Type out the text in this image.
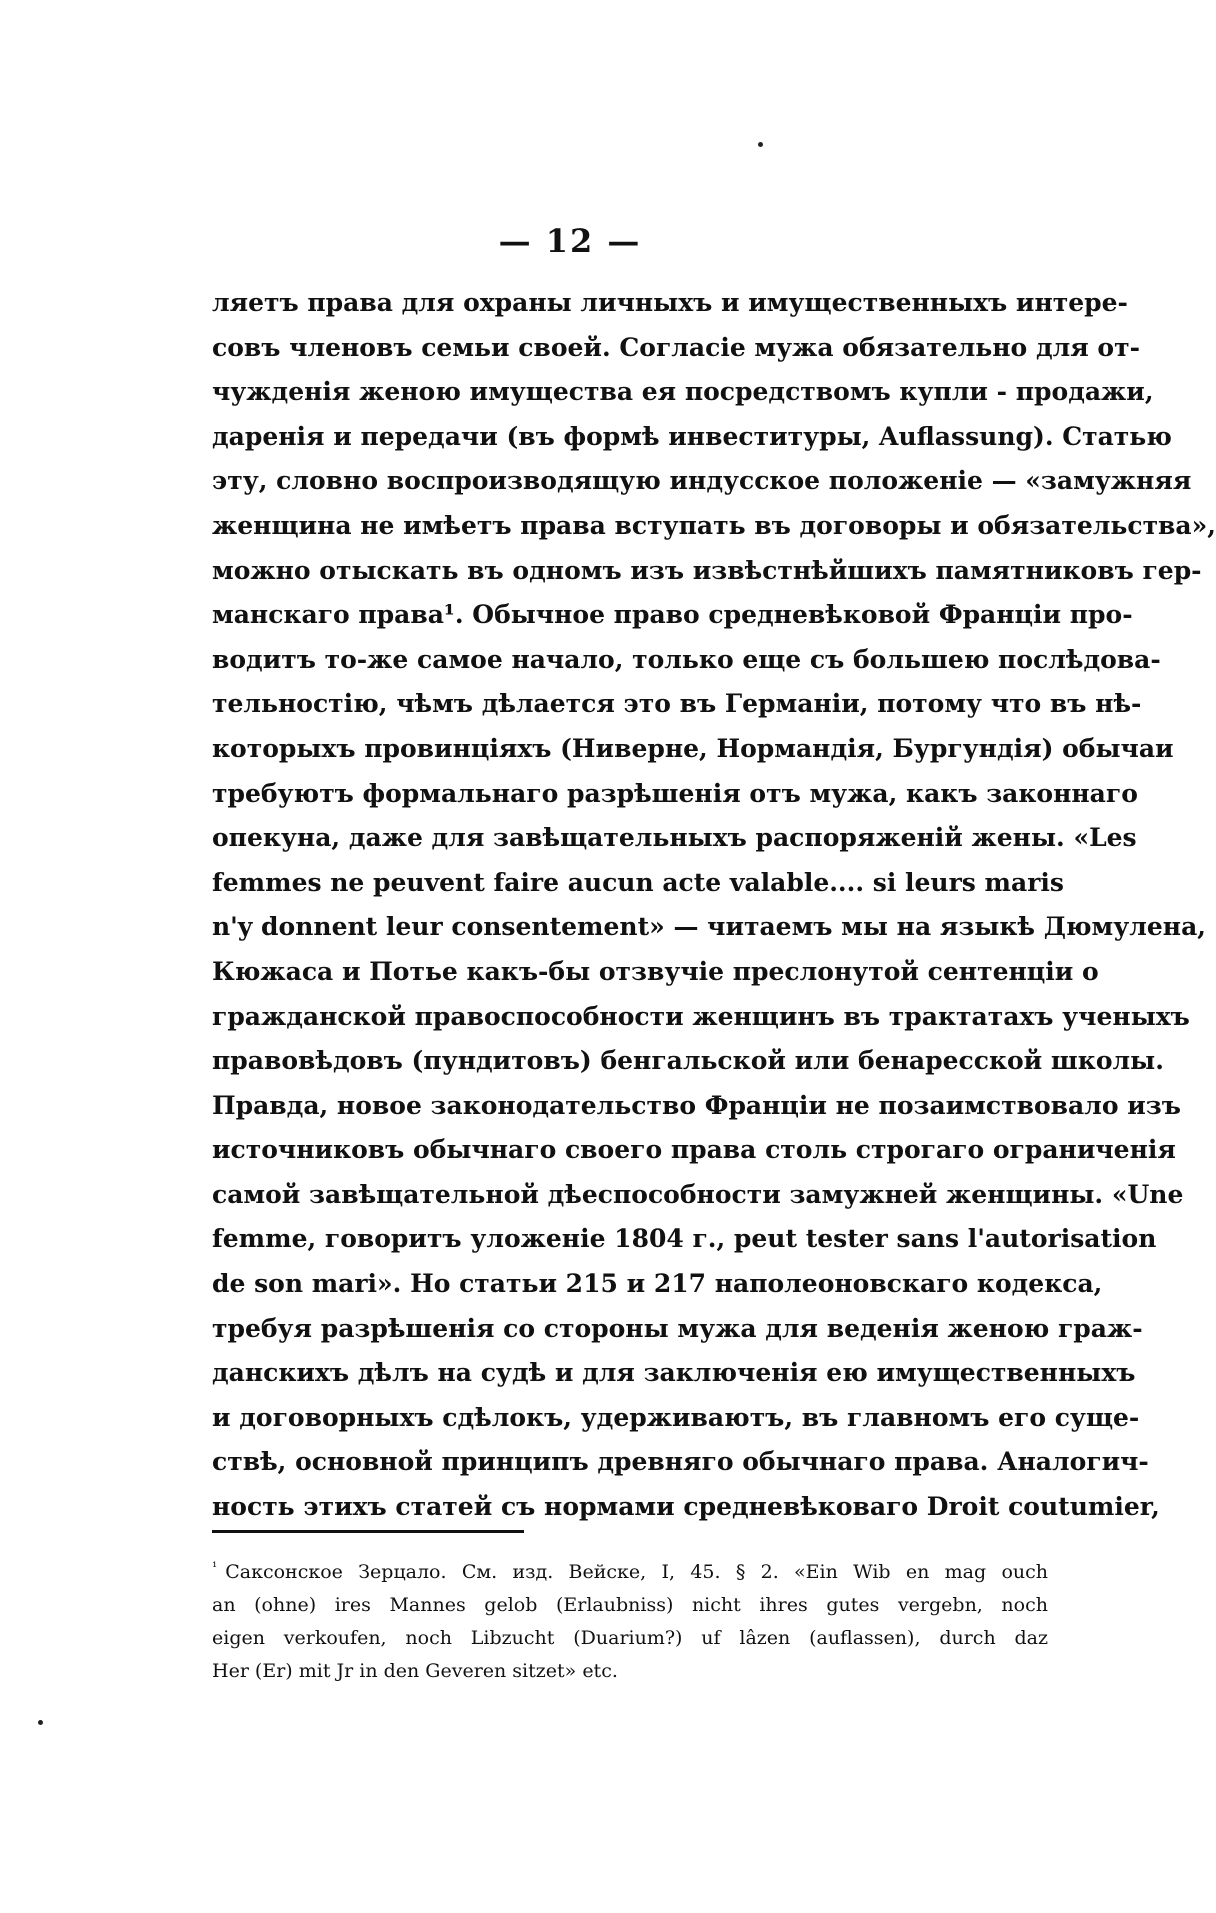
— 12 —
ляетъ права для охраны личныхъ и имущественныхъ интере-
совъ членовъ семьи своей. Согласіе мужа обязательно для от-
чужденія женою имущества ея посредствомъ купли - продажи,
даренія и передачи (въ формѣ инвеституры, Auflassung). Статью
эту, словно воспроизводящую индусское положеніе — «замужняя
женщина не имѣетъ права вступать въ договоры и обязательства»,
можно отыскать въ одномъ изъ извѣстнѣйшихъ памятниковъ гер-
манскаго права¹. Обычное право средневѣковой Франціи про-
водитъ то-же самое начало, только еще съ большею послѣдова-
тельностію, чѣмъ дѣлается это въ Германіи, потому что въ нѣ-
которыхъ провинціяхъ (Ниверне, Нормандія, Бургундія) обычаи
требуютъ формальнаго разрѣшенія отъ мужа, какъ законнаго
опекуна, даже для завѣщательныхъ распоряженій жены. «Les
femmes ne peuvent faire aucun acte valable.... si leurs maris
n'y donnent leur consentement» — читаемъ мы на языкѣ Дюмулена,
Кюжаса и Потье какъ-бы отзвучіе преслонутой сентенціи о
гражданской правоспособности женщинъ въ трактатахъ ученыхъ
правовѣдовъ (пундитовъ) бенгальской или бенаресской школы.
Правда, новое законодательство Франціи не позаимствовало изъ
источниковъ обычнаго своего права столь строгаго ограниченія
самой завѣщательной дѣеспособности замужней женщины. «Une
femme, говоритъ уложеніе 1804 г., peut tester sans l'autorisation
de son mari». Но статьи 215 и 217 наполеоновскаго кодекса,
требуя разрѣшенія со стороны мужа для веденія женою граж-
данскихъ дѣлъ на судѣ и для заключенія ею имущественныхъ
и договорныхъ сдѣлокъ, удерживаютъ, въ главномъ его суще-
ствѣ, основной принципъ древняго обычнаго права. Аналогич-
ность этихъ статей съ нормами средневѣковаго Droit coutumier,
$^{^1}$ Саксонское Зерцало. См. изд. Вейске, I, 45. § 2. «Ein Wib en mag ouch
an (ohne) ires Mannes gelob (Erlaubniss) nicht ihres gutes vergebn, noch
eigen verkoufen, noch Libzucht (Duarium?) uf lâzen (auflassen), durch daz
Her (Er) mit Jr in den Geveren sitzet» etc.
